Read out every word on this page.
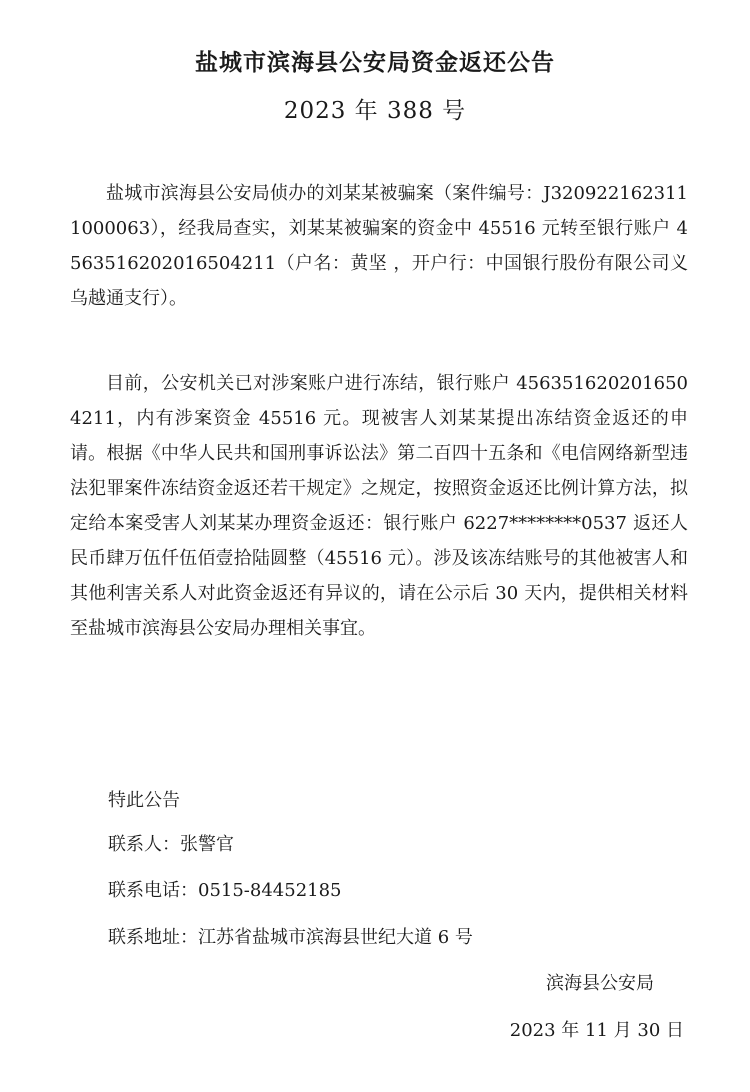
盐城市滨海县公安局资金返还公告
2023 年 388 号

盐城市滨海县公安局侦办的刘某某被骗案（案件编号：J3209221623111000063），经我局查实，刘某某被骗案的资金中 45516 元转至银行账户 4563516202016504211（户名：黄坚 ，开户行：中国银行股份有限公司义乌越通支行）。

目前，公安机关已对涉案账户进行冻结，银行账户 4563516202016504211，内有涉案资金 45516 元。现被害人刘某某提出冻结资金返还的申请。根据《中华人民共和国刑事诉讼法》第二百四十五条和《电信网络新型违法犯罪案件冻结资金返还若干规定》之规定，按照资金返还比例计算方法，拟定给本案受害人刘某某办理资金返还：银行账户 6227********0537 返还人民币肆万伍仟伍佰壹拾陆圆整（45516 元）。涉及该冻结账号的其他被害人和其他利害关系人对此资金返还有异议的，请在公示后 30 天内，提供相关材料至盐城市滨海县公安局办理相关事宜。

特此公告

联系人：张警官

联系电话：0515-84452185

联系地址：江苏省盐城市滨海县世纪大道 6 号

滨海县公安局

2023 年 11 月 30 日
